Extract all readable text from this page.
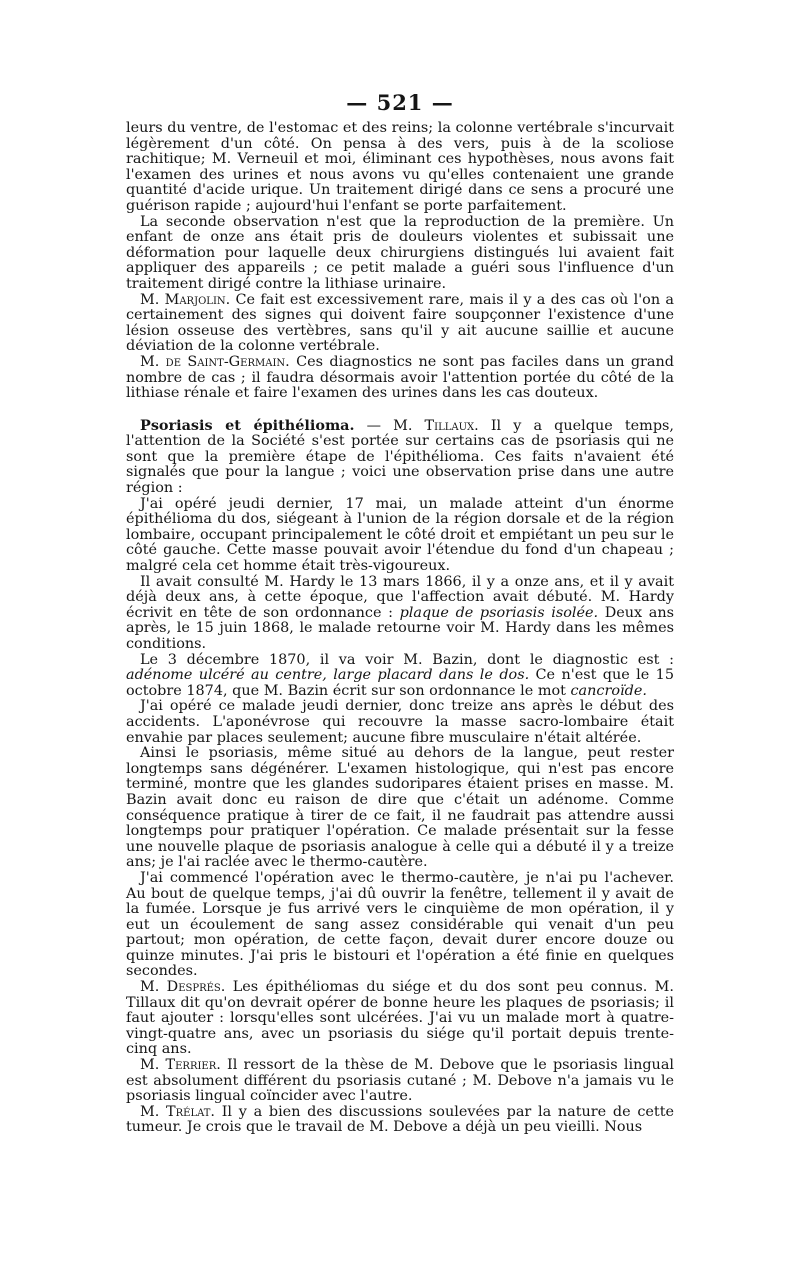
— 521 —

leurs du ventre, de l'estomac et des reins; la colonne vertébrale s'incurvait légèrement d'un côté. On pensa à des vers, puis à de la scoliose rachitique; M. Verneuil et moi, éliminant ces hypothèses, nous avons fait l'examen des urines et nous avons vu qu'elles contenaient une grande quantité d'acide urique. Un traitement dirigé dans ce sens a procuré une guérison rapide ; aujourd'hui l'enfant se porte parfaitement.

La seconde observation n'est que la reproduction de la première. Un enfant de onze ans était pris de douleurs violentes et subissait une déformation pour laquelle deux chirurgiens distingués lui avaient fait appliquer des appareils ; ce petit malade a guéri sous l'influence d'un traitement dirigé contre la lithiase urinaire.

M. Marjolin. Ce fait est excessivement rare, mais il y a des cas où l'on a certainement des signes qui doivent faire soupçonner l'existence d'une lésion osseuse des vertèbres, sans qu'il y ait aucune saillie et aucune déviation de la colonne vertébrale.

M. de Saint-Germain. Ces diagnostics ne sont pas faciles dans un grand nombre de cas ; il faudra désormais avoir l'attention portée du côté de la lithiase rénale et faire l'examen des urines dans les cas douteux.

Psoriasis et épithélioma. — M. Tillaux. Il y a quelque temps, l'attention de la Société s'est portée sur certains cas de psoriasis qui ne sont que la première étape de l'épithélioma. Ces faits n'avaient été signalés que pour la langue ; voici une observation prise dans une autre région :

J'ai opéré jeudi dernier, 17 mai, un malade atteint d'un énorme épithélioma du dos, siégeant à l'union de la région dorsale et de la région lombaire, occupant principalement le côté droit et empiétant un peu sur le côté gauche. Cette masse pouvait avoir l'étendue du fond d'un chapeau ; malgré cela cet homme était très-vigoureux.

Il avait consulté M. Hardy le 13 mars 1866, il y a onze ans, et il y avait déjà deux ans, à cette époque, que l'affection avait débuté. M. Hardy écrivit en tête de son ordonnance : plaque de psoriasis isolée. Deux ans après, le 15 juin 1868, le malade retourne voir M. Hardy dans les mêmes conditions.

Le 3 décembre 1870, il va voir M. Bazin, dont le diagnostic est : adénome ulcéré au centre, large placard dans le dos. Ce n'est que le 15 octobre 1874, que M. Bazin écrit sur son ordonnance le mot cancroïde.

J'ai opéré ce malade jeudi dernier, donc treize ans après le début des accidents. L'aponévrose qui recouvre la masse sacro-lombaire était envahie par places seulement; aucune fibre musculaire n'était altérée.

Ainsi le psoriasis, même situé au dehors de la langue, peut rester longtemps sans dégénérer. L'examen histologique, qui n'est pas encore terminé, montre que les glandes sudoripares étaient prises en masse. M. Bazin avait donc eu raison de dire que c'était un adénome. Comme conséquence pratique à tirer de ce fait, il ne faudrait pas attendre aussi longtemps pour pratiquer l'opération. Ce malade présentait sur la fesse une nouvelle plaque de psoriasis analogue à celle qui a débuté il y a treize ans; je l'ai raclée avec le thermo-cautère.

J'ai commencé l'opération avec le thermo-cautère, je n'ai pu l'achever. Au bout de quelque temps, j'ai dû ouvrir la fenêtre, tellement il y avait de la fumée. Lorsque je fus arrivé vers le cinquième de mon opération, il y eut un écoulement de sang assez considérable qui venait d'un peu partout; mon opération, de cette façon, devait durer encore douze ou quinze minutes. J'ai pris le bistouri et l'opération a été finie en quelques secondes.

M. Després. Les épithéliomas du siége et du dos sont peu connus. M. Tillaux dit qu'on devrait opérer de bonne heure les plaques de psoriasis; il faut ajouter : lorsqu'elles sont ulcérées. J'ai vu un malade mort à quatre-vingt-quatre ans, avec un psoriasis du siége qu'il portait depuis trente-cinq ans.

M. Terrier. Il ressort de la thèse de M. Debove que le psoriasis lingual est absolument différent du psoriasis cutané ; M. Debove n'a jamais vu le psoriasis lingual coïncider avec l'autre.

M. Trélat. Il y a bien des discussions soulevées par la nature de cette tumeur. Je crois que le travail de M. Debove a déjà un peu vieilli. Nous
